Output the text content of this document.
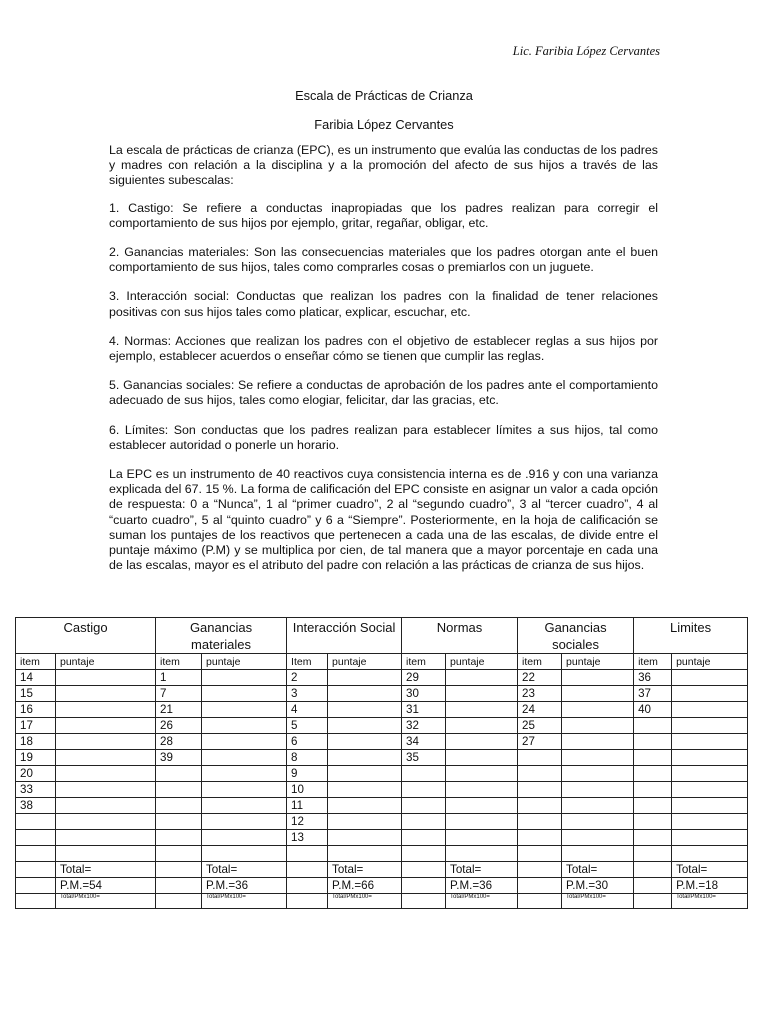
Lic. Faribia López Cervantes
Escala de Prácticas de Crianza
Faribia López Cervantes

La escala de prácticas de crianza (EPC), es un instrumento que evalúa las conductas de los padres y madres con relación a la disciplina y a la promoción del afecto de sus hijos a través de las siguientes subescalas:

1. Castigo: Se refiere a conductas inapropiadas que los padres realizan para corregir el comportamiento de sus hijos por ejemplo, gritar, regañar, obligar, etc.

2. Ganancias materiales: Son las consecuencias materiales que los padres otorgan ante el buen comportamiento de sus hijos, tales como comprarles cosas o premiarlos con un juguete.

3. Interacción social: Conductas que realizan los padres con la finalidad de tener relaciones positivas con sus hijos tales como platicar, explicar, escuchar, etc.

4. Normas: Acciones que realizan los padres con el objetivo de establecer reglas a sus hijos por ejemplo, establecer acuerdos o enseñar cómo se tienen que cumplir las reglas.

5. Ganancias sociales: Se refiere a conductas de aprobación de los padres ante el comportamiento adecuado de sus hijos, tales como elogiar, felicitar, dar las gracias, etc.

6. Límites: Son conductas que los padres realizan para establecer límites a sus hijos, tal como establecer autoridad o ponerle un horario.

La EPC es un instrumento de 40 reactivos cuya consistencia interna es de .916 y con una varianza explicada del 67. 15 %. La forma de calificación del EPC consiste en asignar un valor a cada opción de respuesta: 0 a “Nunca”, 1 al “primer cuadro”, 2 al “segundo cuadro”, 3 al “tercer cuadro”, 4 al “cuarto cuadro”, 5 al “quinto cuadro” y 6 a “Siempre”. Posteriormente, en la hoja de calificación se suman los puntajes de los reactivos que pertenecen a cada una de las escalas, de divide entre el puntaje máximo (P.M) y se multiplica por cien, de tal manera que a mayor porcentaje en cada una de las escalas, mayor es el atributo del padre con relación a las prácticas de crianza de sus hijos.

Castigo		Ganancias materiales		Interacción Social		Normas		Ganancias sociales		Limites	
item	puntaje	item	puntaje	Item	puntaje	item	puntaje	item	puntaje	item	puntaje
14		1		2		29		22		36	
15		7		3		30		23		37	
16		21		4		31		24		40	
17		26		5		32		25			
18		28		6		34		27			
19		39		8		35					
20				9							
33				10							
38				11							
				12							
				13							

	Total=		Total=		Total=		Total=		Total=		Total=
	P.M.=54		P.M.=36		P.M.=66		P.M.=36		P.M.=30		P.M.=18
	Total/PMx100=		Total/PMx100=		Total/PMx100=		Total/PMx100=		Total/PMx100=		Total/PMx100=
